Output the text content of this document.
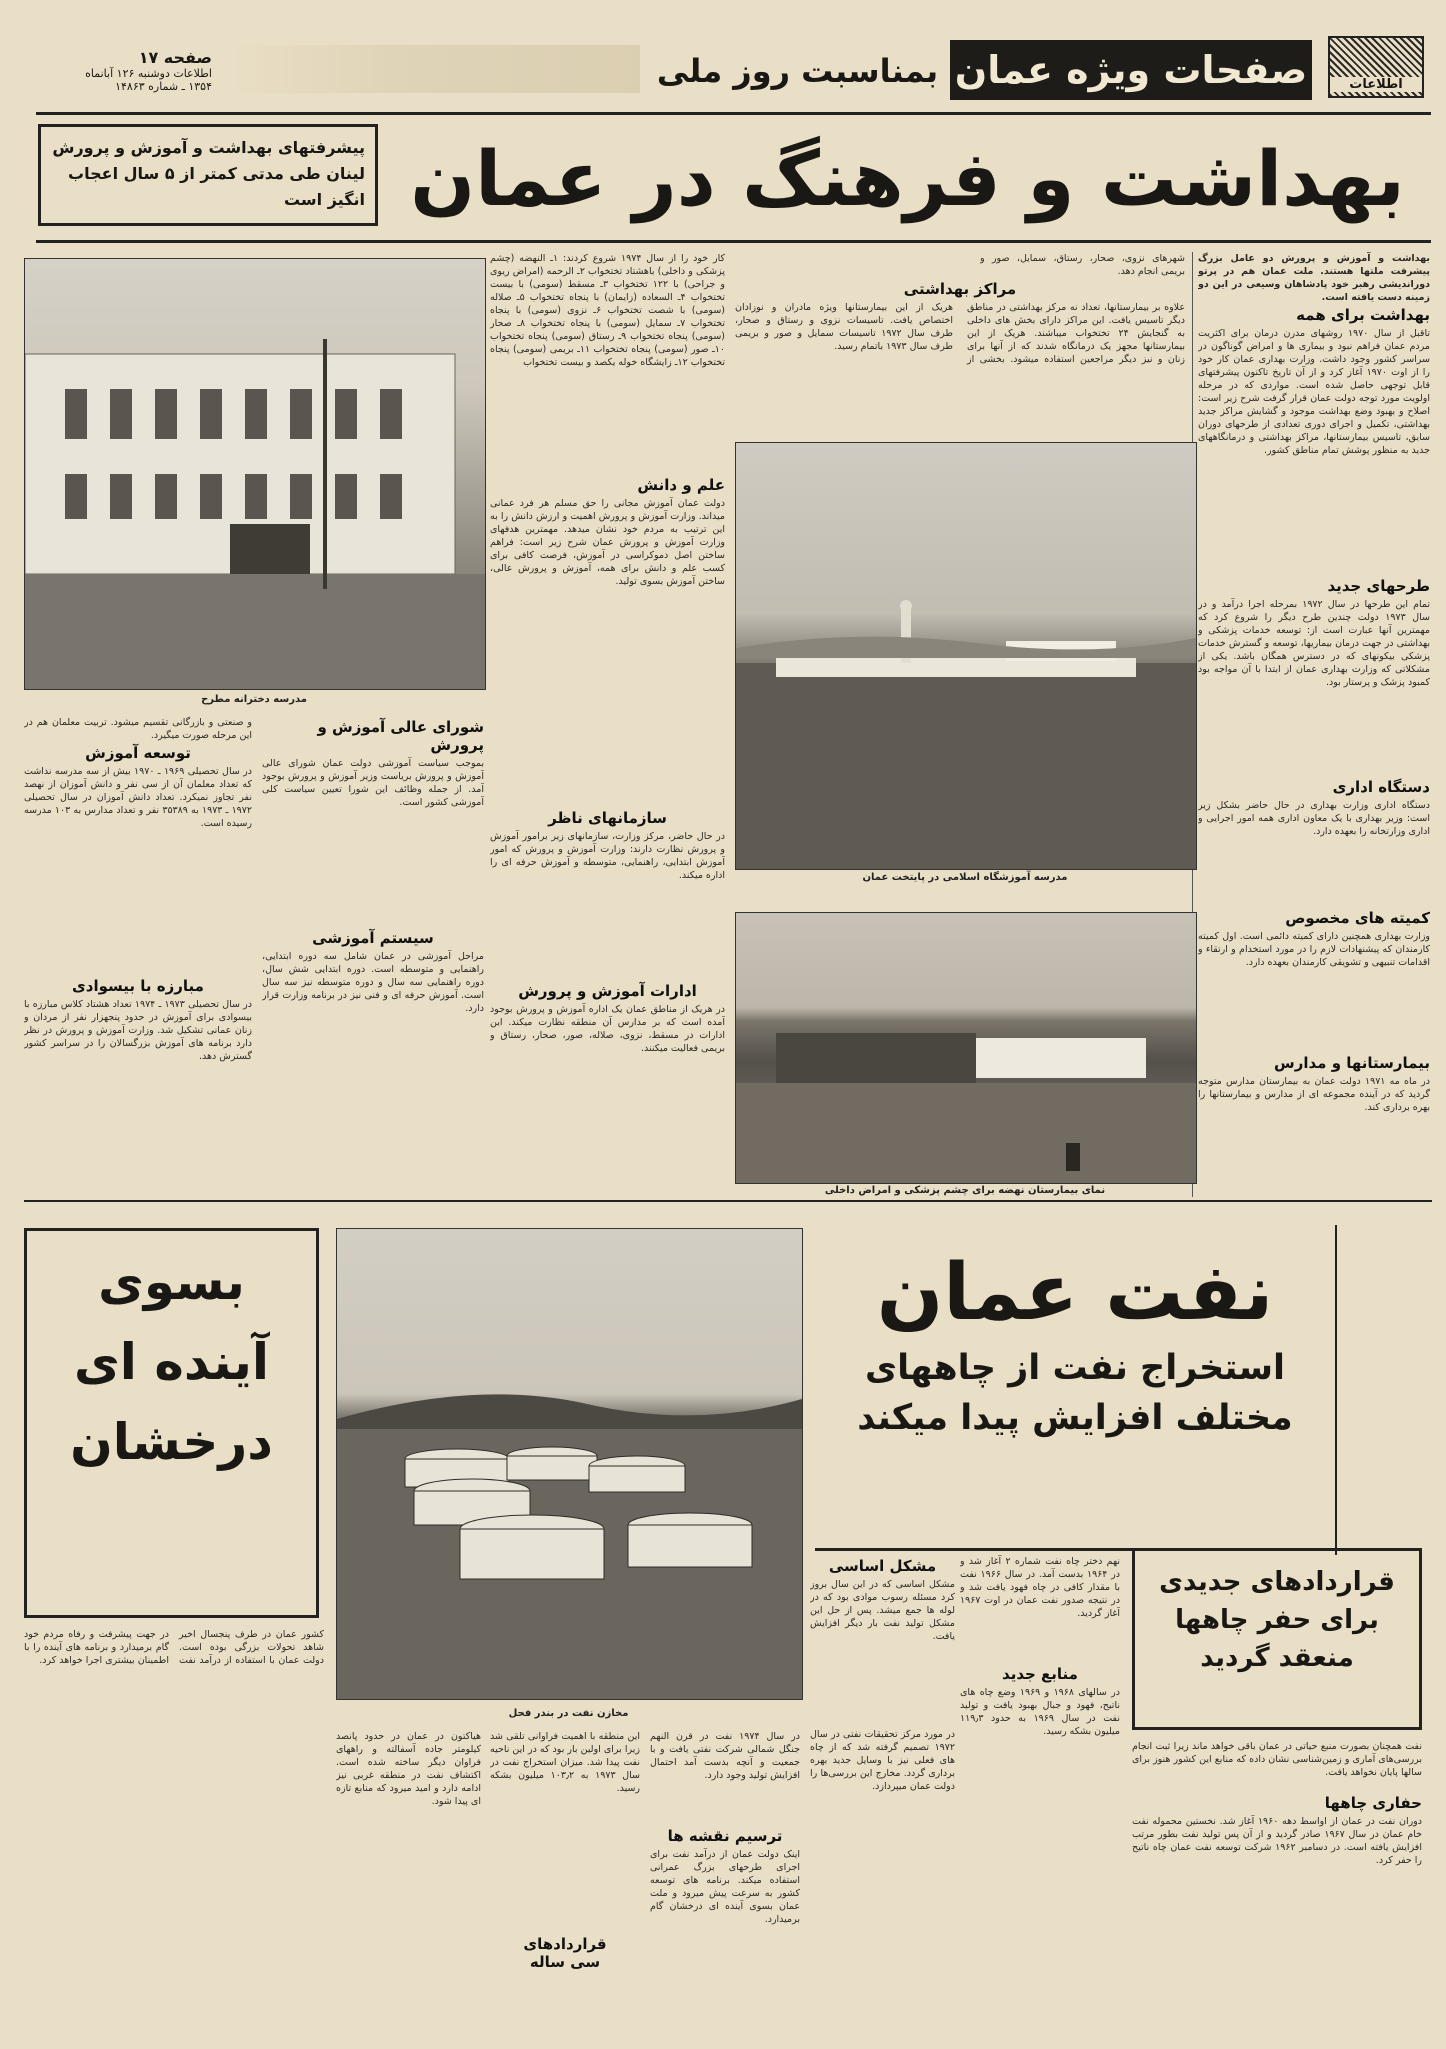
اطلاعات
صفحات ویژه عمان
بمناسبت روز ملی
صفحه ۱۷
اطلاعات دوشنبه ۱۲۶ آبانماه
۱۳۵۴ ـ شماره ۱۴۸۶۳
بهداشت و فرهنگ در عمان
پیشرفتهای بهداشت و آموزش و پرورش لینان طی مدتی کمتر از ۵ سال اعجاب انگیز است
بهداشت و آموزش و پرورش دو عامل بزرگ پیشرفت ملتها هستند. ملت عمان هم در پرتو دوراندیشی رهبر خود پادشاهان وسیعی در این دو زمینه دست یافته است.
بهداشت برای همه
تاقبل از سال ۱۹۷۰ روشهای مدرن درمان برای اکثریت مردم عمان فراهم نبود و بیماری ها و امراض گوناگون در سراسر کشور وجود داشت. وزارت بهداری عمان کار خود را از اوت ۱۹۷۰ آغاز کرد و از آن تاریخ تاکنون پیشرفتهای قابل توجهی حاصل شده است. مواردی که در مرحله اولویت مورد توجه دولت عمان قرار گرفت شرح زیر است: اصلاح و بهبود وضع بهداشت موجود و گشایش مراکز جدید بهداشتی، تکمیل و اجرای دوری تعدادی از طرحهای دوران سابق، تاسیس بیمارستانها، مراکز بهداشتی و درمانگاههای جدید به منظور پوشش تمام مناطق کشور.
طرحهای جدید
تمام این طرحها در سال ۱۹۷۲ بمرحله اجرا درآمد و در سال ۱۹۷۳ دولت چندین طرح دیگر را شروع کرد که مهمترین آنها عبارت است از: توسعه خدمات پزشکی و بهداشتی در جهت درمان بیماریها، توسعه و گسترش خدمات پزشکی بیکونهای که در دسترس همگان باشد. یکی از مشکلاتی که وزارت بهداری عمان از ابتدا با آن مواجه بود کمبود پزشک و پرستار بود.
دستگاه اداری
دستگاه اداری وزارت بهداری در حال حاضر بشکل زیر است: وزیر بهداری با یک معاون اداری همه امور اجرایی و اداری وزارتخانه را بعهده دارد.
کمیته های مخصوص
وزارت بهداری همچنین دارای کمیته دائمی است. اول کمیته کارمندان که پیشنهادات لازم را در مورد استخدام و ارتقاء و اقدامات تنبیهی و تشویقی کارمندان بعهده دارد.
بیمارستانها و مدارس
در ماه مه ۱۹۷۱ دولت عمان به بیمارستان مدارس متوجه گردید که در آینده مجموعه ای از مدارس و بیمارستانها را بهره برداری کند.
شهرهای نزوی، صحار، رستاق، سمایل، صور و بریمی انجام دهد.
مراکز بهداشتی
علاوه بر بیمارستانها، تعداد نه مرکز بهداشتی در مناطق دیگر تاسیس یافت. این مراکز دارای بخش های داخلی به گنجایش ۲۴ تختخواب میباشند. هریک از این بیمارستانها مجهز یک درمانگاه شدند که از آنها برای زنان و نیز دیگر مراجعین استفاده میشود. بخشی از هریک از این بیمارستانها ویژه مادران و نوزادان اختصاص یافت. تاسیسات نزوی و رستاق و صحار، طرف سال ۱۹۷۲ تاسیسات سمایل و صور و بریمی طرف سال ۱۹۷۳ باتمام رسید.
مدرسه آموزشگاه اسلامی در پایتخت عمان
نمای بیمارستان نهضه برای چشم پزشکی و امراض داخلی
کار خود را از سال ۱۹۷۴ شروع کردند: ۱ـ النهضه (چشم پزشکی و داخلی) باهشتاد تختخواب ۲ـ الرحمه (امراض ریوی و جراحی) با ۱۲۲ تختخواب ۳ـ مسقط (سومی) با بیست تختخواب ۴ـ السعاده (زایمان) با پنجاه تختخواب ۵ـ صلاله (سومی) با شصت تختخواب ۶ـ نزوی (سومی) با پنجاه تختخواب ۷ـ سمایل (سومی) با پنجاه تختخواب ۸ـ صحار (سومی) پنجاه تختخواب ۹ـ رستاق (سومی) پنجاه تختخواب ۱۰ـ صور (سومی) پنجاه تختخواب ۱۱ـ بریمی (سومی) پنجاه تختخواب ۱۲ـ زایشگاه خوله یکصد و بیست تختخواب
علم و دانش
دولت عمان آموزش مجانی را حق مسلم هر فرد عمانی میداند. وزارت آموزش و پرورش اهمیت و ارزش دانش را به این ترتیب به مردم خود نشان میدهد. مهمترین هدفهای وزارت آموزش و پرورش عمان شرح زیر است: فراهم ساختن اصل دموکراسی در آموزش، فرصت کافی برای کسب علم و دانش برای همه، آموزش و پرورش عالی، ساختن آموزش بسوی تولید.
سازمانهای ناظر
در حال حاضر، مرکز وزارت، سازمانهای زیر برامور آموزش و پرورش نظارت دارند: وزارت آموزش و پرورش که امور آموزش ابتدایی، راهنمایی، متوسطه و آموزش حرفه ای را اداره میکند.
ادارات آموزش و پرورش
در هریک از مناطق عمان یک اداره آموزش و پرورش بوجود آمده است که بر مدارس آن منطقه نظارت میکند. این ادارات در مسقط، نزوی، صلاله، صور، صحار، رستاق و بریمی فعالیت میکنند.
مدرسه دخترانه مطرح
شورای عالی آموزش و پرورش
بموجب سیاست آموزشی دولت عمان شورای عالی آموزش و پرورش بریاست وزیر آموزش و پرورش بوجود آمد. از جمله وظائف این شورا تعیین سیاست کلی آموزشی کشور است.
سیستم آموزشی
مراحل آموزشی در عمان شامل سه دوره ابتدایی، راهنمایی و متوسطه است. دوره ابتدایی شش سال، دوره راهنمایی سه سال و دوره متوسطه نیز سه سال است. آموزش حرفه ای و فنی نیز در برنامه وزارت قرار دارد.
و صنعتی و بازرگانی تقسیم میشود. تربیت معلمان هم در این مرحله صورت میگیرد.
توسعه آموزش
در سال تحصیلی ۱۹۶۹ ـ ۱۹۷۰ بیش از سه مدرسه نداشت که تعداد معلمان آن از سی نفر و دانش آموزان از نهصد نفر تجاوز نمیکرد. تعداد دانش آموزان در سال تحصیلی ۱۹۷۲ ـ ۱۹۷۳ به ۳۵۳۸۹ نفر و تعداد مدارس به ۱۰۳ مدرسه رسیده است.
مبارزه با بیسوادی
در سال تحصیلی ۱۹۷۳ ـ ۱۹۷۴ تعداد هشتاد کلاس مبارزه با بیسوادی برای آموزش در حدود پنجهزار نفر از مردان و زنان عمانی تشکیل شد. وزارت آموزش و پرورش در نظر دارد برنامه های آموزش بزرگسالان را در سراسر کشور گسترش دهد.
بسوی
آینده ای
درخشان
مخازن نفت در بندر فحل
نفت عمان
استخراج نفت از چاههای
مختلف افزایش پیدا میکند
قراردادهای جدیدی
برای حفر چاهها
منعقد گردید
نهم دختر چاه نفت شماره ۲ آغاز شد و در ۱۹۶۴ بدست آمد. در سال ۱۹۶۶ نفت با مقدار کافی در چاه فهود یافت شد و در نتیجه صدور نفت عمان در اوت ۱۹۶۷ آغاز گردید.
منابع جدید
در سالهای ۱۹۶۸ و ۱۹۶۹ وضع چاه های ناتیح، فهود و جبال بهبود یافت و تولید نفت در سال ۱۹۶۹ به حدود ۱۱۹٫۳ میلیون بشکه رسید.
مشکل اساسی
مشکل اساسی که در این سال بروز کرد مسئله رسوب موادی بود که در لوله ها جمع میشد. پس از حل این مشکل تولید نفت بار دیگر افزایش یافت.
در مورد مرکز تحقیقات نفتی در سال ۱۹۷۲ تصمیم گرفته شد که از چاه های فعلی نیز با وسایل جدید بهره برداری گردد. مخارج این بررسی‌ها را دولت عمان میپردازد.
نفت همچنان بصورت منبع حیاتی در عمان باقی خواهد ماند زیرا ثبت انجام بررسی‌های آماری و زمین‌شناسی نشان داده که منابع این کشور هنوز برای سالها پایان نخواهد یافت.
حفاری چاهها
دوران نفت در عمان از اواسط دهه ۱۹۶۰ آغاز شد. نخستین محموله نفت خام عمان در سال ۱۹۶۷ صادر گردید و از آن پس تولید نفت بطور مرتب افزایش یافته است. در دسامبر ۱۹۶۲ شرکت توسعه نفت عمان چاه ناتیح را حفر کرد.
در سال ۱۹۷۴ نفت در قرن النهم جنگل شمالی شرکت نفتی یافت و با جمعیت و آنچه بدست آمد احتمال افزایش تولید وجود دارد.
ترسیم نقشه ها
اینک دولت عمان از درآمد نفت برای اجرای طرحهای بزرگ عمرانی استفاده میکند. برنامه های توسعه کشور به سرعت پیش میرود و ملت عمان بسوی آینده ای درخشان گام برمیدارد.
این منطقه با اهمیت فراوانی تلقی شد زیرا برای اولین بار بود که در این ناحیه نفت پیدا شد. میزان استخراج نفت در سال ۱۹۷۳ به ۱۰۳٫۲ میلیون بشکه رسید.
قراردادهای
سی ساله
هیاکتون در عمان در حدود پانصد کیلومتر جاده آسفالته و راههای فراوان دیگر ساخته شده است. اکتشاف نفت در منطقه غربی نیز ادامه دارد و امید میرود که منابع تازه ای پیدا شود.
کشور عمان در طرف پنجسال اخیر شاهد تحولات بزرگی بوده است. دولت عمان با استفاده از درآمد نفت در جهت پیشرفت و رفاه مردم خود گام برمیدارد و برنامه های آینده را با اطمینان بیشتری اجرا خواهد کرد.
